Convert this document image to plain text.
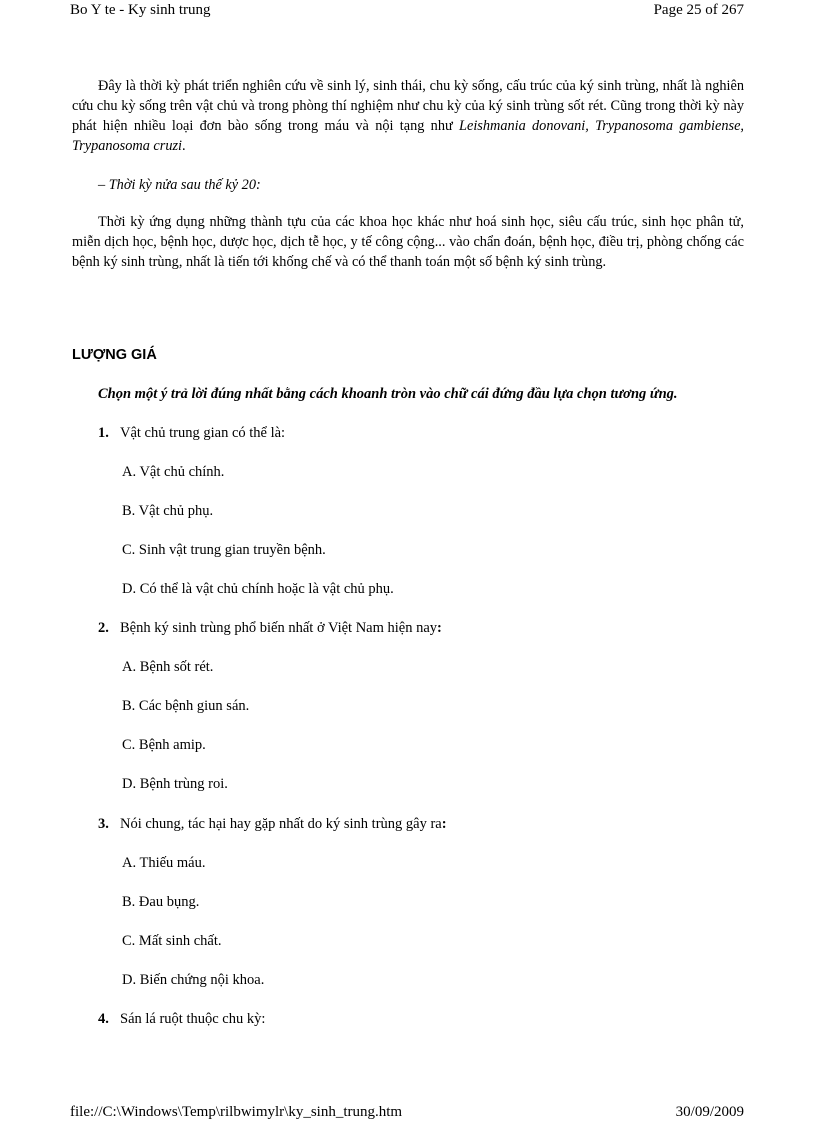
Bo Y te - Ky sinh trung	Page 25 of 267

Đây là thời kỳ phát triển nghiên cứu về sinh lý, sinh thái, chu kỳ sống, cấu trúc của ký sinh trùng, nhất là nghiên cứu chu kỳ sống trên vật chủ và trong phòng thí nghiệm như chu kỳ của ký sinh trùng sốt rét. Cũng trong thời kỳ này phát hiện nhiều loại đơn bào sống trong máu và nội tạng như Leishmania donovani, Trypanosoma gambiense, Trypanosoma cruzi.

– Thời kỳ nửa sau thế kỷ 20:

Thời kỳ ứng dụng những thành tựu của các khoa học khác như hoá sinh học, siêu cấu trúc, sinh học phân tử, miễn dịch học, bệnh học, dược học, dịch tễ học, y tế công cộng... vào chẩn đoán, bệnh học, điều trị, phòng chống các bệnh ký sinh trùng, nhất là tiến tới khống chế và có thể thanh toán một số bệnh ký sinh trùng.

LƯỢNG GIÁ

Chọn một ý trả lời đúng nhất bằng cách khoanh tròn vào chữ cái đứng đầu lựa chọn tương ứng.

1. Vật chủ trung gian có thể là:
A. Vật chủ chính.
B. Vật chủ phụ.
C. Sinh vật trung gian truyền bệnh.
D. Có thể là vật chủ chính hoặc là vật chủ phụ.
2. Bệnh ký sinh trùng phổ biến nhất ở Việt Nam hiện nay:
A. Bệnh sốt rét.
B. Các bệnh giun sán.
C. Bệnh amip.
D. Bệnh trùng roi.
3. Nói chung, tác hại hay gặp nhất do ký sinh trùng gây ra:
A. Thiếu máu.
B. Đau bụng.
C. Mất sinh chất.
D. Biến chứng nội khoa.
4. Sán lá ruột thuộc chu kỳ:
file://C:\Windows\Temp\rilbwimylr\ky_sinh_trung.htm	30/09/2009
